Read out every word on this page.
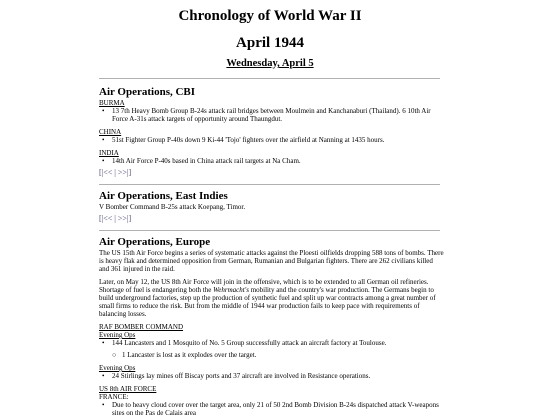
Chronology of World War II
April 1944
Wednesday, April 5
Air Operations, CBI
BURMA
•	13 7th Heavy Bomb Group B-24s attack rail bridges between Moulmein and Kanchanaburi (Thailand). 6 10th Air Force A-31s attack targets of opportunity around Thaungdut.
CHINA
•	51st Fighter Group P-40s down 9 Ki-44 'Tojo' fighters over the airfield at Nanning at 1435 hours.
INDIA
•	14th Air Force P-40s based in China attack rail targets at Na Cham.
[|<< | >>|]
Air Operations, East Indies
V Bomber Command B-25s attack Koepang, Timor.
[|<< | >>|]
Air Operations, Europe

The US 15th Air Force begins a series of systematic attacks against the Ploesti oilfields dropping 588 tons of bombs. There is heavy flak and determined opposition from German, Rumanian and Bulgarian fighters. There are 262 civilians killed and 361 injured in the raid.

Later, on May 12, the US 8th Air Force will join in the offensive, which is to be extended to all German oil refineries. Shortage of fuel is endangering both the Wehrmacht's mobility and the country's war production. The Germans begin to build underground factories, step up the production of synthetic fuel and split up war contracts among a great number of small firms to reduce the risk. But from the middle of 1944 war production fails to keep pace with requirements of balancing losses.

RAF BOMBER COMMAND
Evening Ops
•	144 Lancasters and 1 Mosquito of No. 5 Group successfully attack an aircraft factory at Toulouse.
○ 1 Lancaster is lost as it explodes over the target.
Evening Ops
•	24 Stirlings lay mines off Biscay ports and 37 aircraft are involved in Resistance operations.
US 8th AIR FORCE
FRANCE:
•	Due to heavy cloud cover over the target area, only 21 of 50 2nd Bomb Division B-24s dispatched attack V-weapons sites on the Pas de Calais area
